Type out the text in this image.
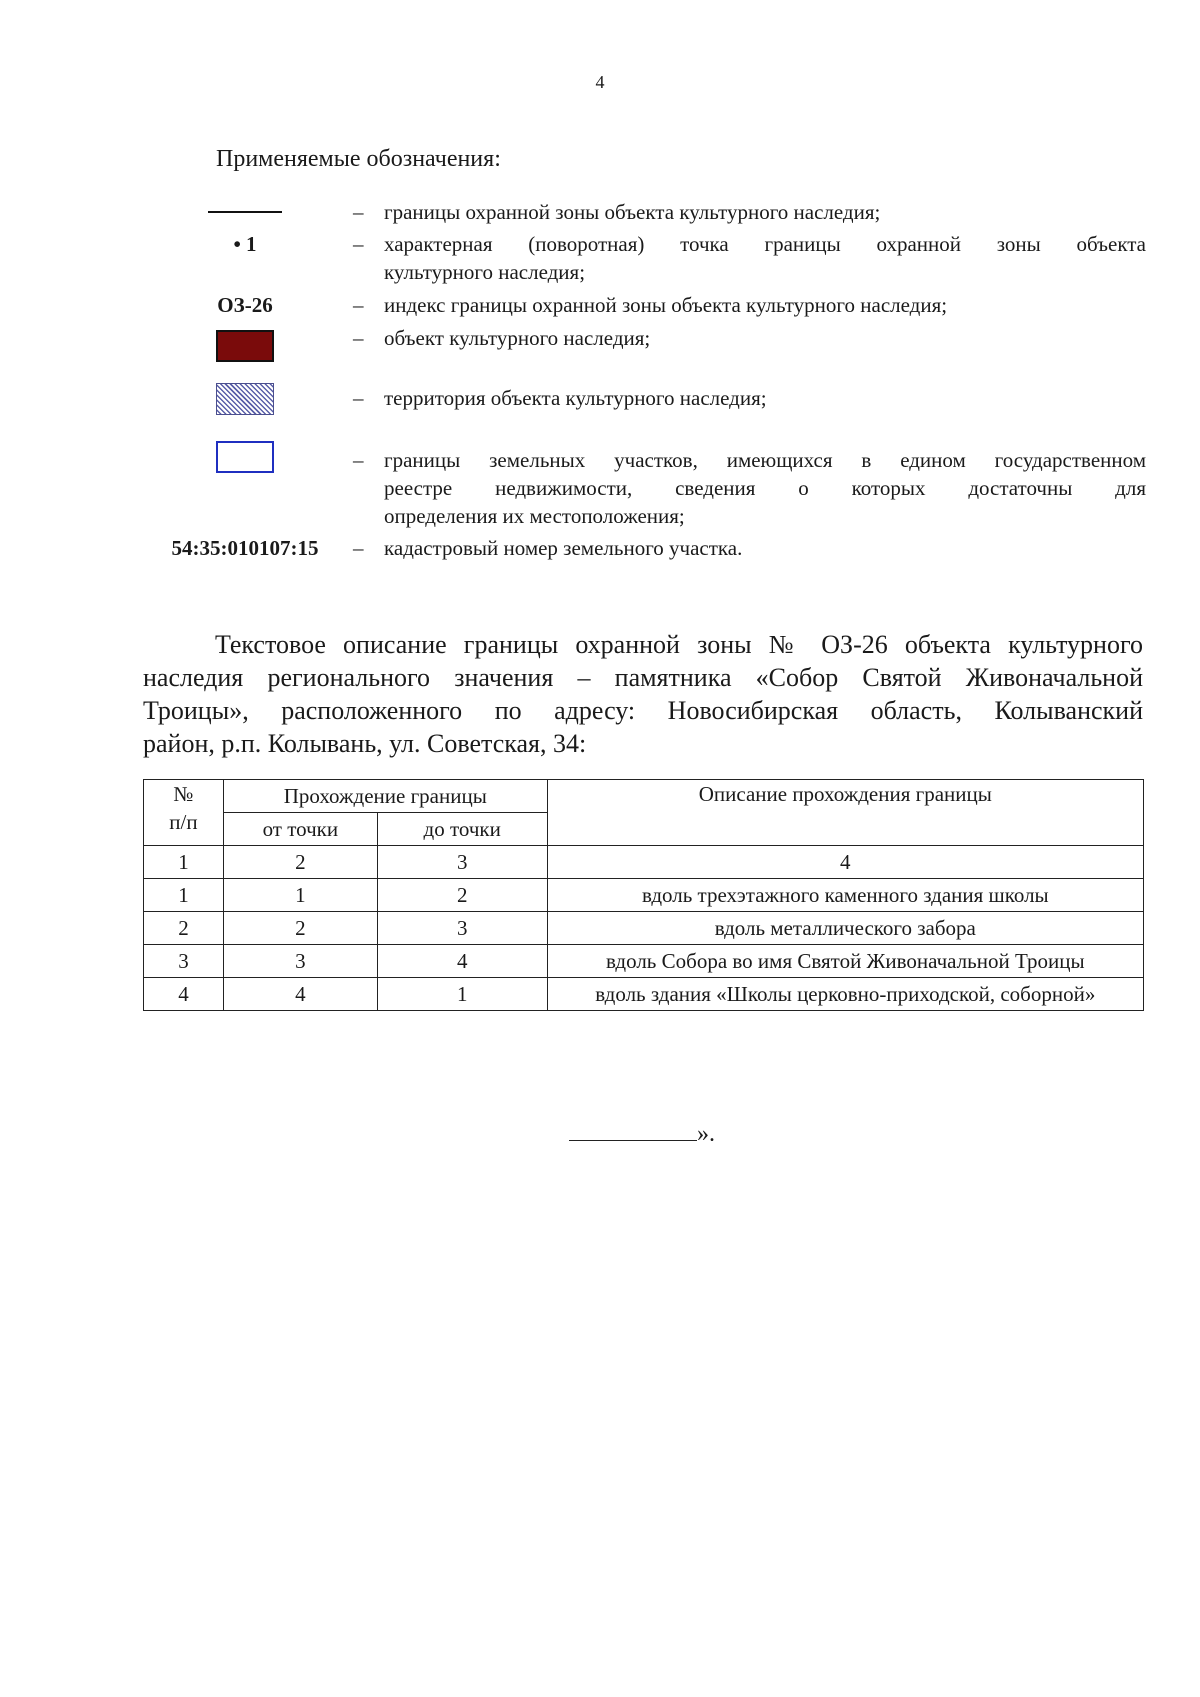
4
Применяемые обозначения:
– границы охранной зоны объекта культурного наследия;
• 1	– характерная (поворотная) точка границы охранной зоны объекта
культурного наследия;
ОЗ-26	– индекс границы охранной зоны объекта культурного наследия;
– объект культурного наследия;
– территория объекта культурного наследия;
– границы земельных участков, имеющихся в едином государственном
реестре недвижимости, сведения о которых достаточны для
определения их местоположения;
54:35:010107:15	– кадастровый номер земельного участка.
Текстовое описание границы охранной зоны № ОЗ-26 объекта культурного
наследия регионального значения – памятника «Собор Святой Живоначальной
Троицы», расположенного по адресу: Новосибирская область, Колыванский
район, р.п. Колывань, ул. Советская, 34:
№
п/п	Прохождение границы		Описание прохождения границы
	от точки	до точки	
1	2	3	4
1	1	2	вдоль трехэтажного каменного здания школы
2	2	3	вдоль металлического забора
3	3	4	вдоль Собора во имя Святой Живоначальной Троицы
4	4	1	вдоль здания «Школы церковно-приходской, соборной»
».
